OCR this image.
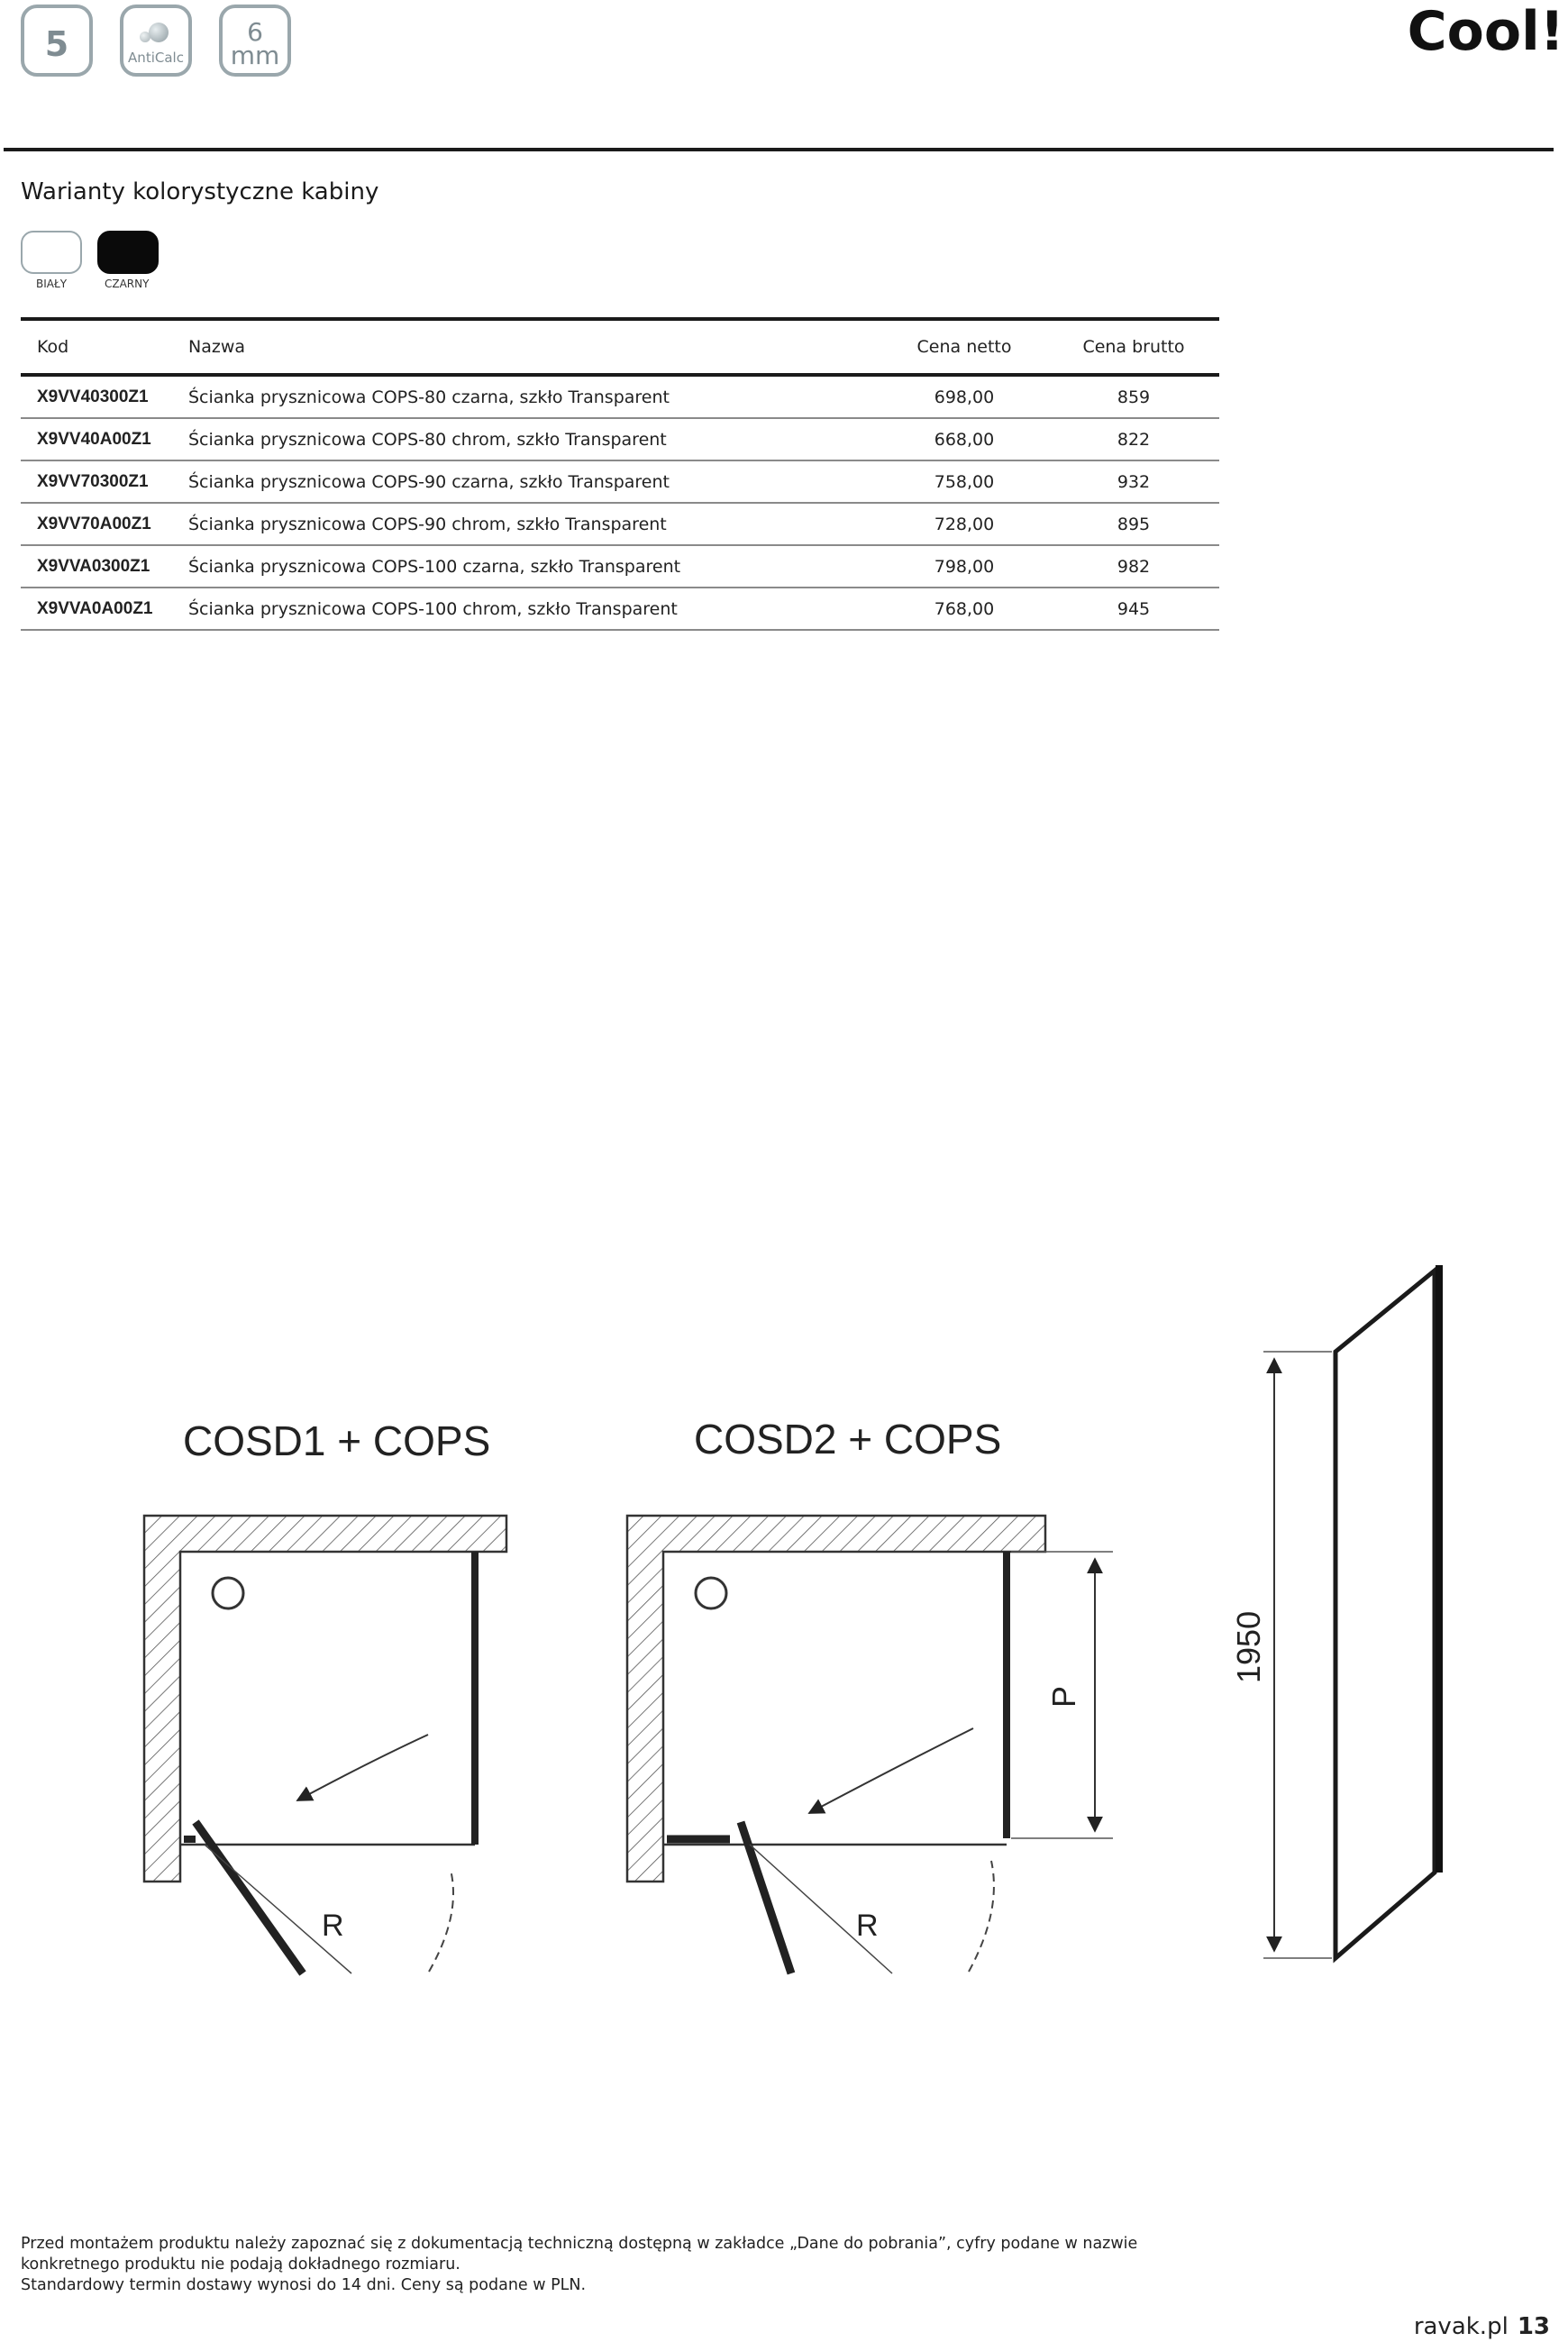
5	AntiCalc
6
mm	Cool!
Warianty kolorystyczne kabiny
BIAŁY	CZARNY
Kod	Nazwa	Cena netto	Cena brutto
X9VV40300Z1	Ścianka prysznicowa COPS-80 czarna, szkło Transparent	698,00	859
X9VV40A00Z1	Ścianka prysznicowa COPS-80 chrom, szkło Transparent	668,00	822
X9VV70300Z1	Ścianka prysznicowa COPS-90 czarna, szkło Transparent	758,00	932
X9VV70A00Z1	Ścianka prysznicowa COPS-90 chrom, szkło Transparent	728,00	895
X9VVA0300Z1	Ścianka prysznicowa COPS-100 czarna, szkło Transparent	798,00	982
X9VVA0A00Z1	Ścianka prysznicowa COPS-100 chrom, szkło Transparent	768,00	945
COSD1 + COPS	COSD2 + COPS
R	R
P
1950
Przed montażem produktu należy zapoznać się z dokumentacją techniczną dostępną w zakładce „Dane do pobrania”, cyfry podane w nazwie konkretnego produktu nie podają dokładnego rozmiaru.
Standardowy termin dostawy wynosi do 14 dni. Ceny są podane w PLN.
ravak.pl 13
